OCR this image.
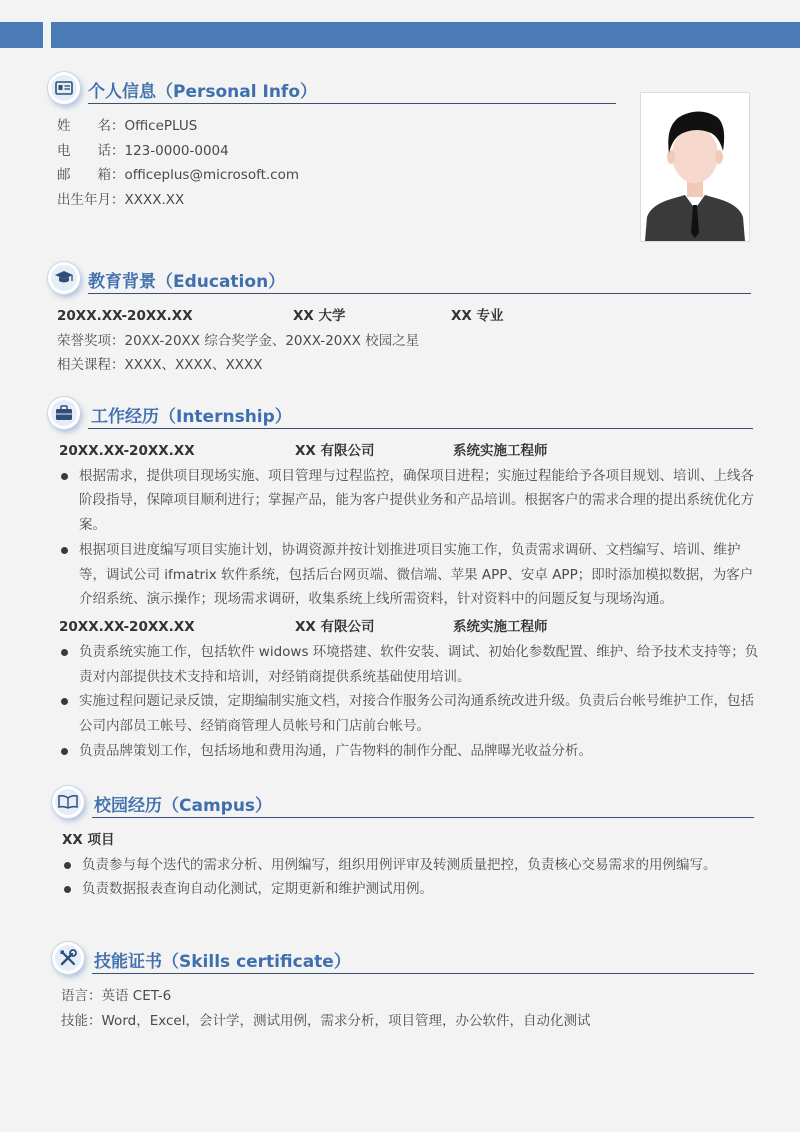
个人信息（Personal Info）
姓　　名：OfficePLUS
电　　话：123-0000-0004
邮　　箱：officeplus@microsoft.com
出生年月：XXXX.XX
教育背景（Education）
20XX.XX-20XX.XX	XX 大学	XX 专业
荣誉奖项：20XX-20XX 综合奖学金、20XX-20XX 校园之星
相关课程：XXXX、XXXX、XXXX
工作经历（Internship）
20XX.XX-20XX.XX	XX 有限公司	系统实施工程师
根据需求，提供项目现场实施、项目管理与过程监控，确保项目进程；实施过程能给予各项目规划、培训、上线各阶段指导，保障项目顺利进行；掌握产品，能为客户提供业务和产品培训。根据客户的需求合理的提出系统优化方案。
根据项目进度编写项目实施计划，协调资源并按计划推进项目实施工作，负责需求调研、文档编写、培训、维护等，调试公司 ifmatrix 软件系统，包括后台网页端、微信端、苹果 APP、安卓 APP；即时添加模拟数据，为客户介绍系统、演示操作；现场需求调研，收集系统上线所需资料，针对资料中的问题反复与现场沟通。
20XX.XX-20XX.XX	XX 有限公司	系统实施工程师
负责系统实施工作，包括软件 widows 环境搭建、软件安装、调试、初始化参数配置、维护、给予技术支持等；负责对内部提供技术支持和培训，对经销商提供系统基础使用培训。
实施过程问题记录反馈，定期编制实施文档，对接合作服务公司沟通系统改进升级。负责后台帐号维护工作，包括公司内部员工帐号、经销商管理人员帐号和门店前台帐号。
负责品牌策划工作，包括场地和费用沟通，广告物料的制作分配、品牌曝光收益分析。
校园经历（Campus）
XX 项目
负责参与每个迭代的需求分析、用例编写，组织用例评审及转测质量把控，负责核心交易需求的用例编写。
负责数据报表查询自动化测试，定期更新和维护测试用例。
技能证书（Skills certificate）
语言：英语 CET-6
技能：Word，Excel，会计学，测试用例，需求分析，项目管理，办公软件，自动化测试
